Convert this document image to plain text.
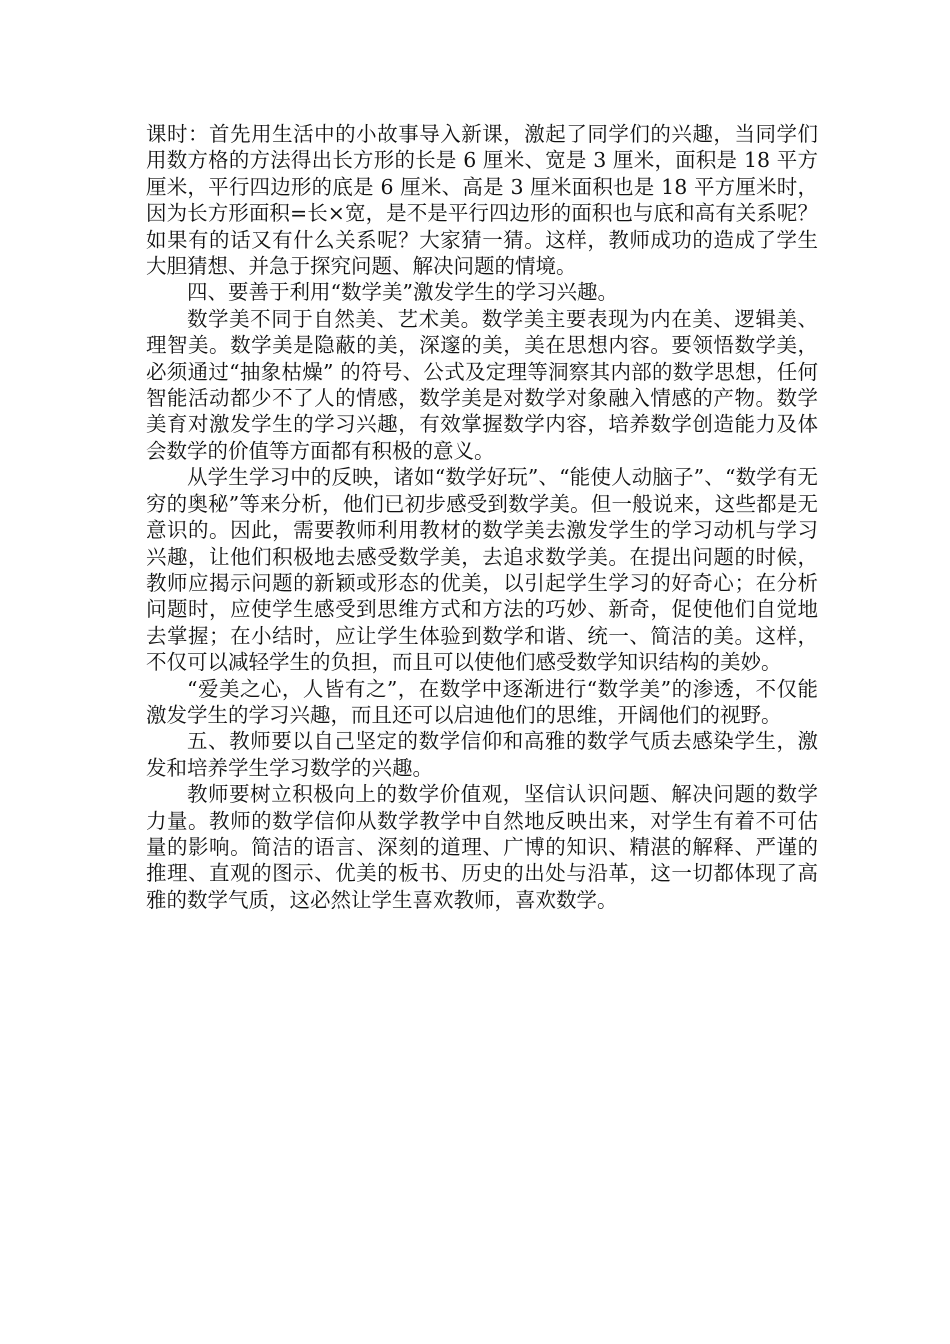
课时：首先用生活中的小故事导入新课，激起了同学们的兴趣，当同学们用数方格的方法得出长方形的长是 6 厘米、宽是 3 厘米，面积是 18 平方厘米，平行四边形的底是 6 厘米、高是 3 厘米面积也是 18 平方厘米时，因为长方形面积=长×宽，是不是平行四边形的面积也与底和高有关系呢？如果有的话又有什么关系呢？大家猜一猜。这样，教师成功的造成了学生大胆猜想、并急于探究问题、解决问题的情境。

四、要善于利用“数学美”激发学生的学习兴趣。

数学美不同于自然美、艺术美。数学美主要表现为内在美、逻辑美、理智美。数学美是隐蔽的美，深邃的美，美在思想内容。要领悟数学美，必须通过“抽象枯燥” 的符号、公式及定理等洞察其内部的数学思想，任何智能活动都少不了人的情感，数学美是对数学对象融入情感的产物。数学美育对激发学生的学习兴趣，有效掌握数学内容，培养数学创造能力及体会数学的价值等方面都有积极的意义。

从学生学习中的反映，诸如“数学好玩”、“能使人动脑子”、“数学有无穷的奥秘”等来分析，他们已初步感受到数学美。但一般说来，这些都是无意识的。因此，需要教师利用教材的数学美去激发学生的学习动机与学习兴趣，让他们积极地去感受数学美，去追求数学美。在提出问题的时候，教师应揭示问题的新颖或形态的优美，以引起学生学习的好奇心；在分析问题时，应使学生感受到思维方式和方法的巧妙、新奇，促使他们自觉地去掌握；在小结时，应让学生体验到数学和谐、统一、简洁的美。这样，不仅可以减轻学生的负担，而且可以使他们感受数学知识结构的美妙。

“爱美之心，人皆有之”，在数学中逐渐进行“数学美”的渗透，不仅能激发学生的学习兴趣，而且还可以启迪他们的思维，开阔他们的视野。

五、教师要以自己坚定的数学信仰和高雅的数学气质去感染学生，激发和培养学生学习数学的兴趣。

教师要树立积极向上的数学价值观，坚信认识问题、解决问题的数学力量。教师的数学信仰从数学教学中自然地反映出来，对学生有着不可估量的影响。简洁的语言、深刻的道理、广博的知识、精湛的解释、严谨的推理、直观的图示、优美的板书、历史的出处与沿革，这一切都体现了高雅的数学气质，这必然让学生喜欢教师，喜欢数学。
